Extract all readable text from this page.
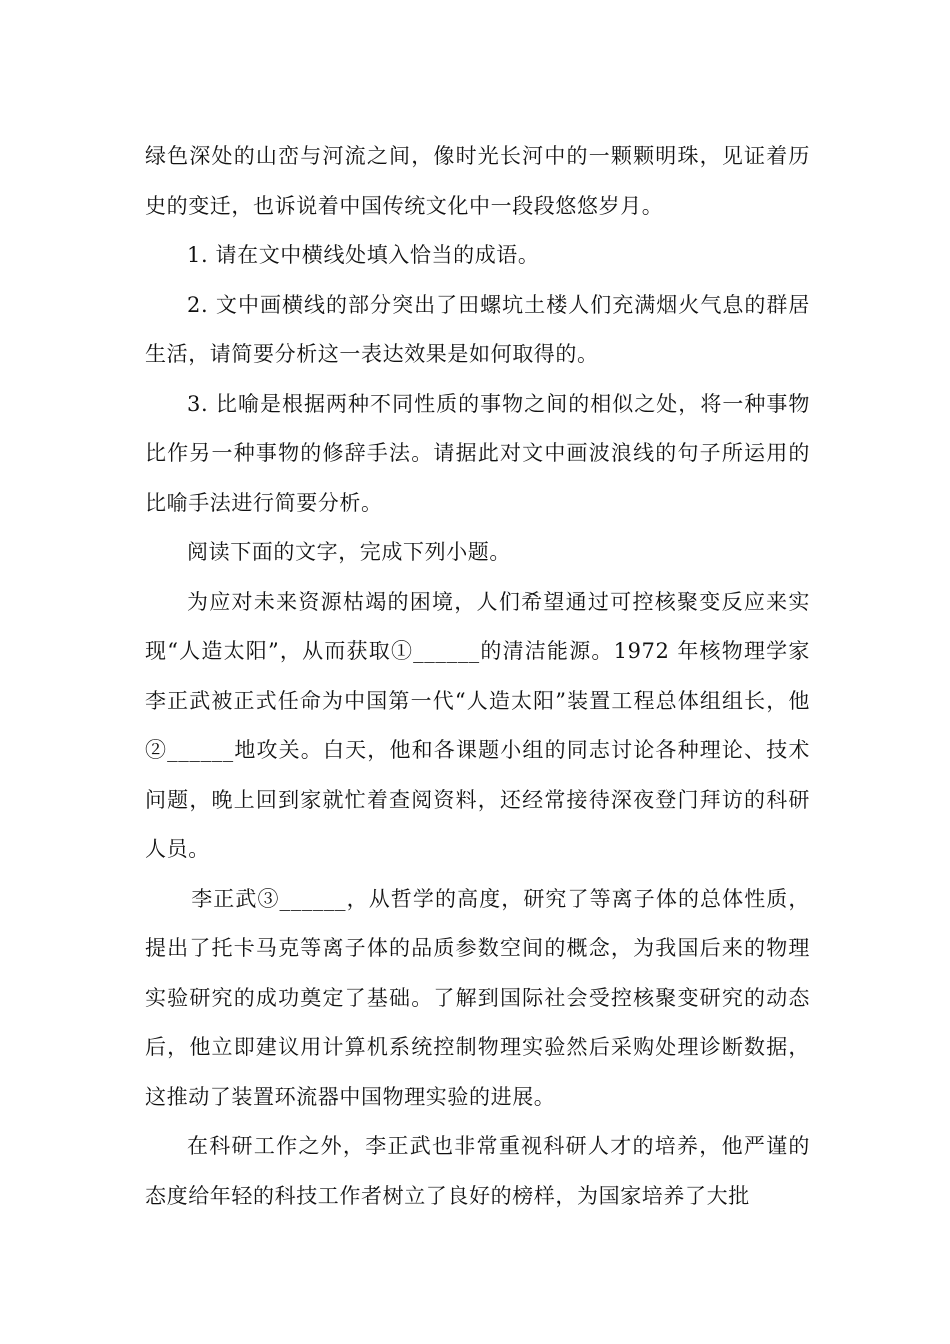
绿色深处的山峦与河流之间，像时光长河中的一颗颗明珠，见证着历史的变迁，也诉说着中国传统文化中一段段悠悠岁月。

1. 请在文中横线处填入恰当的成语。

2. 文中画横线的部分突出了田螺坑土楼人们充满烟火气息的群居生活，请简要分析这一表达效果是如何取得的。

3. 比喻是根据两种不同性质的事物之间的相似之处，将一种事物比作另一种事物的修辞手法。请据此对文中画波浪线的句子所运用的比喻手法进行简要分析。

阅读下面的文字，完成下列小题。

为应对未来资源枯竭的困境，人们希望通过可控核聚变反应来实现“人造太阳”，从而获取①______的清洁能源。1972 年核物理学家李正武被正式任命为中国第一代“人造太阳”装置工程总体组组长，他②______地攻关。白天，他和各课题小组的同志讨论各种理论、技术问题，晚上回到家就忙着查阅资料，还经常接待深夜登门拜访的科研人员。

李正武③______，从哲学的高度，研究了等离子体的总体性质，提出了托卡马克等离子体的品质参数空间的概念，为我国后来的物理实验研究的成功奠定了基础。了解到国际社会受控核聚变研究的动态后，他立即建议用计算机系统控制物理实验然后采购处理诊断数据，这推动了装置环流器中国物理实验的进展。

在科研工作之外，李正武也非常重视科研人才的培养，他严谨的态度给年轻的科技工作者树立了良好的榜样，为国家培养了大批
